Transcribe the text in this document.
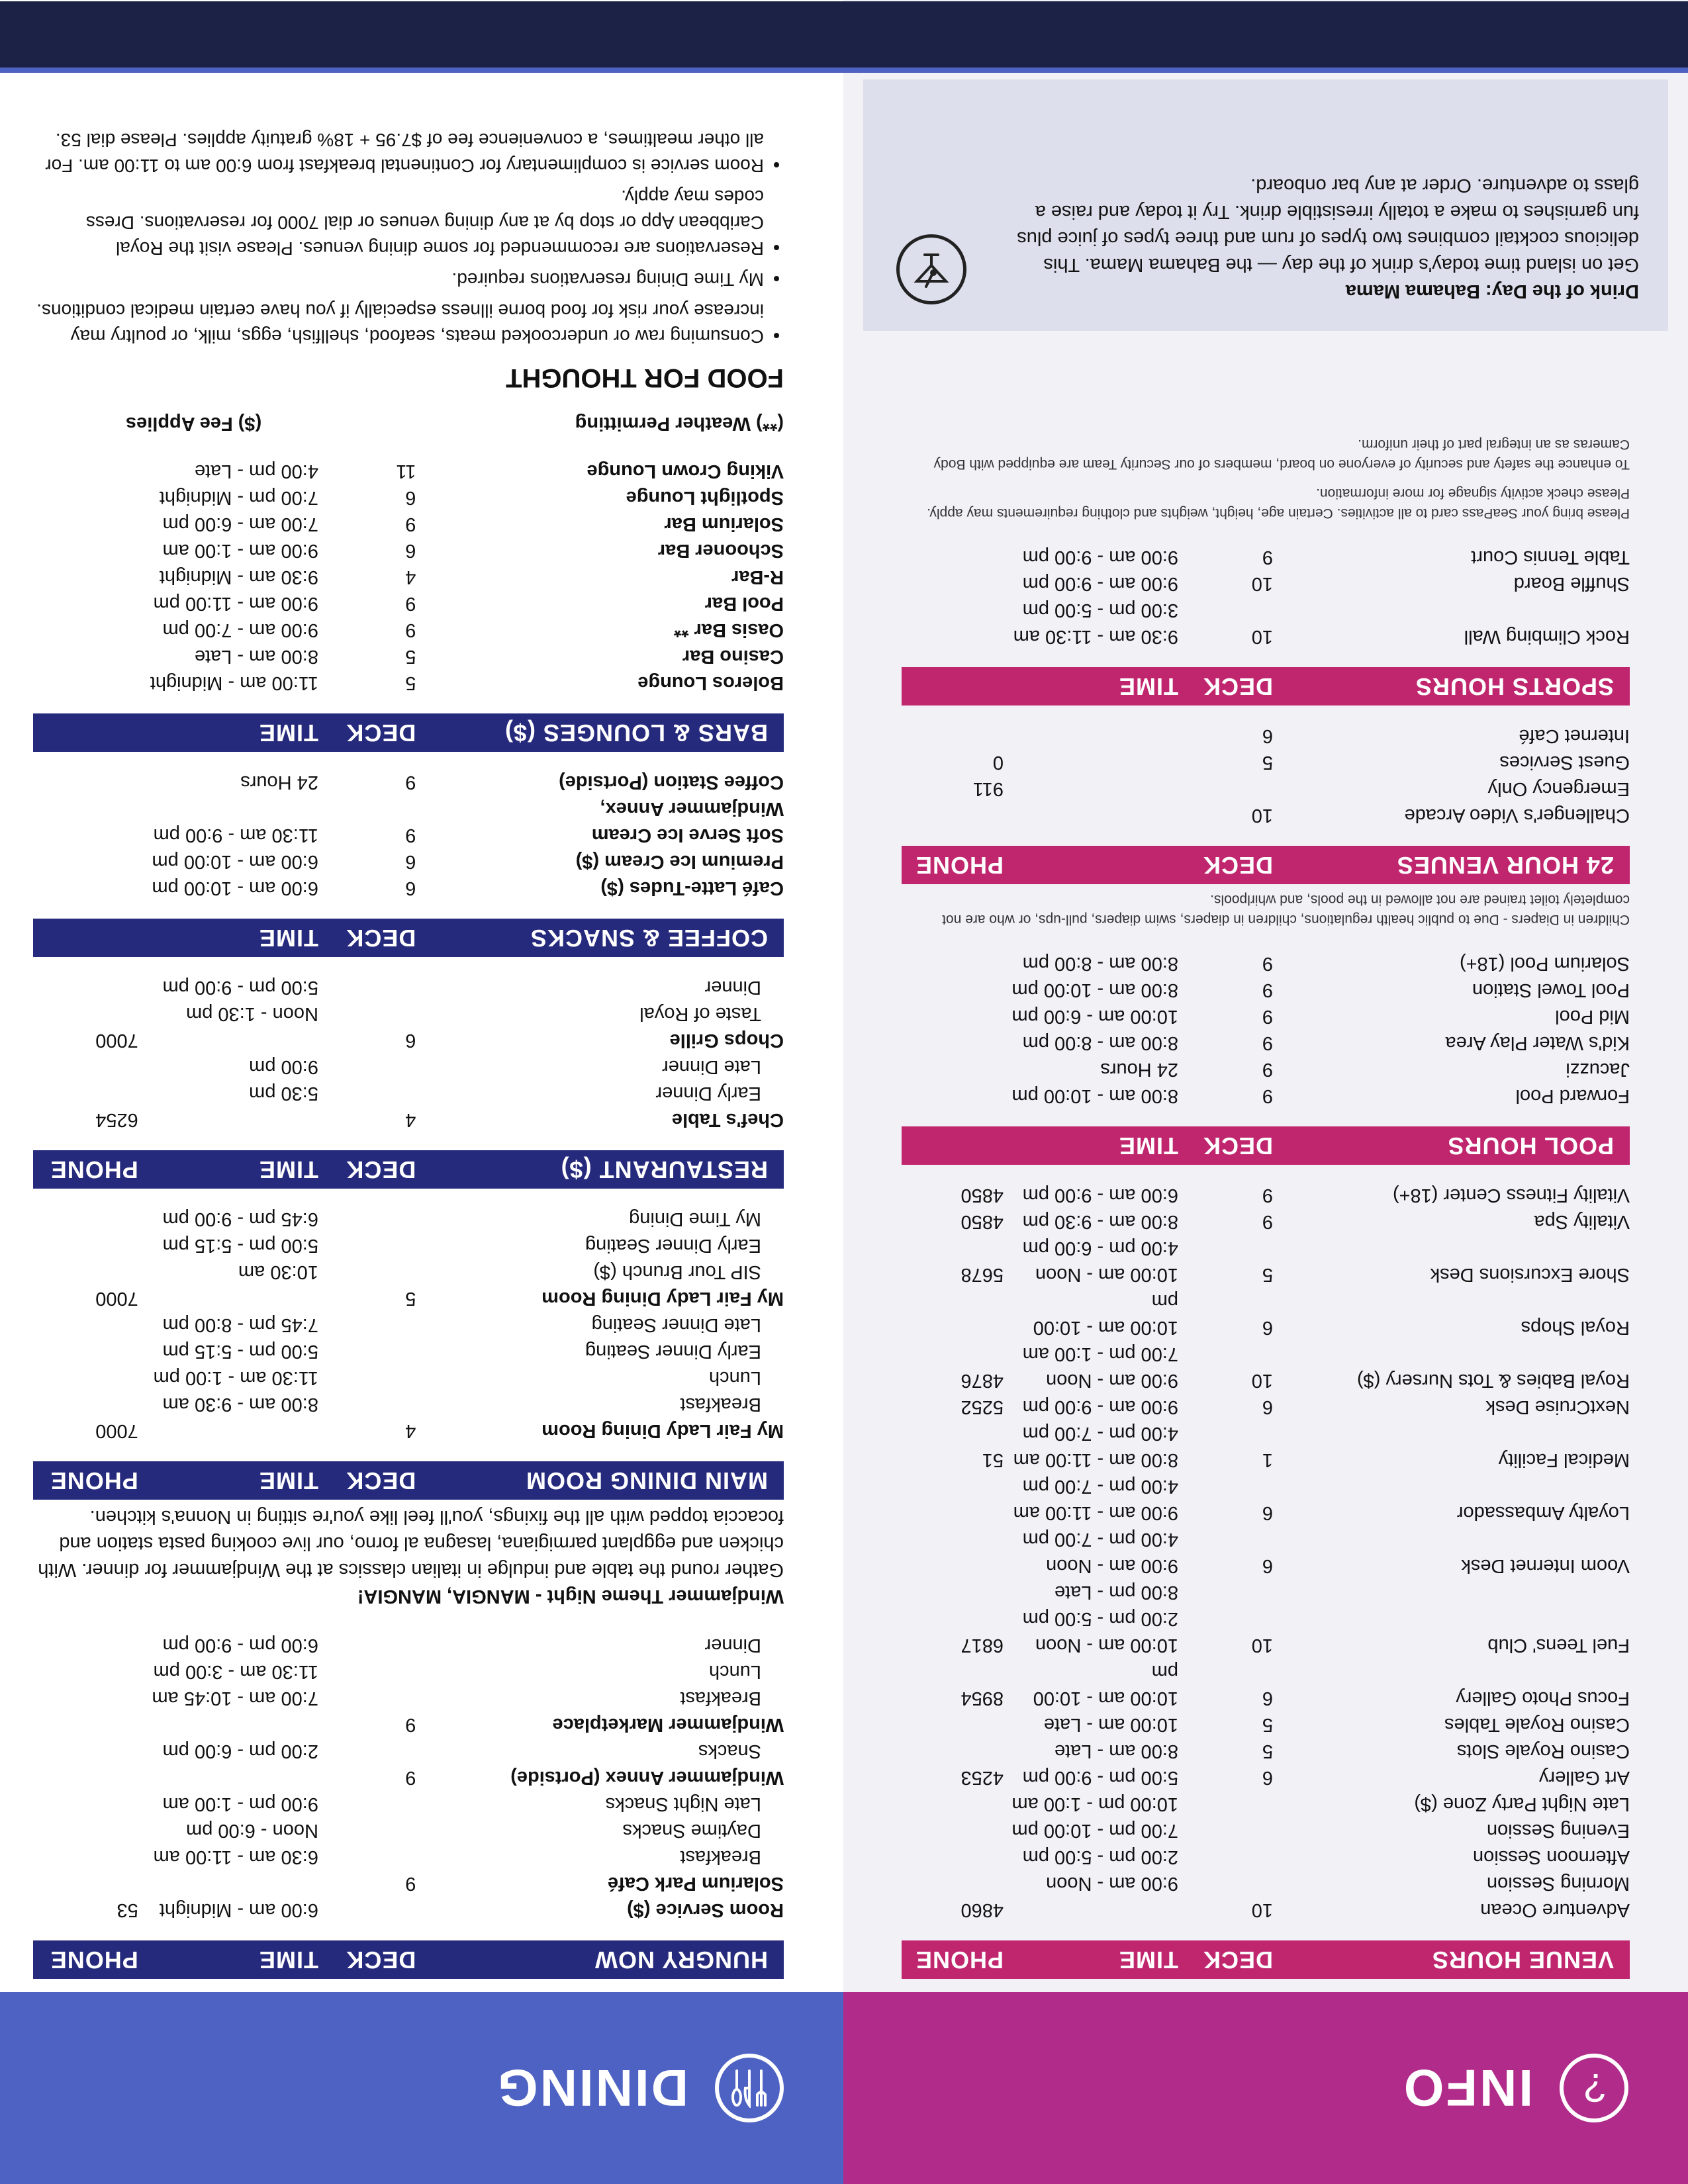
DINING
HUNGRY NOW	DECK	TIME	PHONE

Room Service ($)		6:00 am - Midnight	53
Solarium Park Café	9		
Breakfast		6:30 am - 11:00 am	
Daytime Snacks		Noon - 6:00 pm	
Late Night Snacks		9:00 pm - 1:00 am	
Windjammer Annex (Portside)	9		
Snacks		2:00 pm - 6:00 pm	
Windjammer Marketplace	9		
Breakfast		7:00 am - 10:45 am	
Lunch		11:30 am - 3:00 pm	
Dinner		6:00 pm - 9:00 pm	

Windjammer Theme Night - MANGIA, MANGIA!
Gather round the table and indulge in italian classics at the Windjammer for dinner. With chicken and eggplant parmigiana, lasagna al forno, our live cooking pasta station and focaccia topped with all the fixings, you'll feel like you're sitting in Nonna's kitchen.
MAIN DINING ROOM	DECK	TIME	PHONE

My Fair Lady Dining Room	4		7000
Breakfast		8:00 am - 9:30 am	
Lunch		11:30 am - 1:00 pm	
Early Dinner Seating		5:00 pm - 5:15 pm	
Late Dinner Seating		7:45 pm - 8:00 pm	
My Fair Lady Dining Room	5		7000
SIP Tour Brunch ($)		10:30 am	
Early Dinner Seating		5:00 pm - 5:15 pm	
My Time Dining		6:45 pm - 9:00 pm	

RESTAURANT ($)	DECK	TIME	PHONE

Chef's Table	4		6254
Early Dinner		5:30 pm	
Late Dinner		9:00 pm	
Chops Grille	6		7000
Taste of Royal		Noon - 1:30 pm	
Dinner		5:00 pm - 9:00 pm	

COFFEE & SNACKS	DECK	TIME	

Café Latte-Tudes ($)	6	6:00 am - 10:00 pm	
Premium Ice Cream ($)	6	6:00 am - 10:00 pm	
Soft Serve Ice Cream	9	11:30 am - 9:00 pm	
Windjammer Annex,			
Coffee Station (Portside)	9	24 Hours	

BARS & LOUNGES ($)	DECK	TIME	

Boleros Lounge	5	11:00 am - Midnight	
Casino Bar	5	8:00 am - Late	
Oasis Bar **	9	9:00 am - 7:00 pm	
Pool Bar	9	9:00 am - 11:00 pm	
R-Bar	4	9:30 am - Midnight	
Schooner Bar	6	9:00 am - 1:00 am	
Solarium Bar	9	7:00 am - 6:00 pm	
Spotlight Lounge	6	7:00 pm - Midnight	
Viking Crown Lounge	11	4:00 pm - Late	

(**) Weather Permitting
($) Fee Applies
FOOD FOR THOUGHT
• Consuming raw or undercooked meats, seafood, shellfish, eggs, milk, or poultry may increase your risk for food borne illness especially if you have certain medical conditions.
• My Time Dining reservations required.
• Reservations are recommended for some dining venues. Please visit the Royal Caribbean App or stop by at any dining venues or dial 7000 for reservations. Dress codes may apply.
• Room service is complimentary for Continental breakfast from 6:00 am to 11:00 am. For all other mealtimes, a convenience fee of $7.95 + 18% gratuity applies. Please dial 53.
?
INFO
VENUE HOURS	DECK	TIME	PHONE

Adventure Ocean	10		4860
Morning Session		9:00 am - Noon	
Afternoon Session		2:00 pm - 5:00 pm	
Evening Session		7:00 pm - 10:00 pm	
Late Night Party Zone ($)		10:00 pm - 1:00 am	
Art Gallery	6	5:00 pm - 9:00 pm	4253
Casino Royale Slots	5	8:00 am - Late	
Casino Royale Tables	5	10:00 am - Late	
Focus Photo Gallery	6	10:00 am - 10:00 pm	8954
Fuel Teens' Club	10	10:00 am - Noon	6817
		2:00 pm - 5:00 pm	
		8:00 pm - Late	
Voom Internet Desk	6	9:00 am - Noon	
		4:00 pm - 7:00 pm	
Loyalty Ambassador	6	9:00 am - 11:00 am	
		4:00 pm - 7:00 pm	
Medical Facility	1	8:00 am - 11:00 am	51
		4:00 pm - 7:00 pm	
NextCruise Desk	6	9:00 am - 9:00 pm	5252
Royal Babies & Tots Nursery ($)	10	9:00 am - Noon	4876
		7:00 pm - 1:00 am	
Royal Shops	6	10:00 am - 10:00 pm	
Shore Excursions Desk	5	10:00 am - Noon	5678
		4:00 pm - 6:00 pm	
Vitality Spa	9	8:00 am - 9:30 pm	4850
Vitality Fitness Center (18+)	9	6:00 am - 9:00 pm	4850

POOL HOURS	DECK	TIME	

Forward Pool	9	8:00 am - 10:00 pm	
Jacuzzi	9	24 Hours	
Kid's Water Play Area	9	8:00 am - 8:00 pm	
Mid Pool	9	10:00 am - 6:00 pm	
Pool Towel Station	9	8:00 am - 10:00 pm	
Solarium Pool (18+)	9	8:00 am - 8:00 pm	

Children in Diapers - Due to public health regulations, children in diapers, swim diapers, pull-ups, or who are not completely toilet trained are not allowed in the pools, and whirlpools.
24 HOUR VENUES	DECK		PHONE

Challenger's Video Arcade	10		
Emergency Only			911
Guest Services	5		0
Internet Café	6		

SPORTS HOURS	DECK	TIME	

Rock Climbing Wall	10	9:30 am - 11:30 am	
		3:00 pm - 5:00 pm	
Shuffle Board	10	9:00 am - 9:00 pm	
Table Tennis Court	9	9:00 am - 9:00 pm	

Please bring your SeaPass card to all activities. Certain age, height, weights and clothing requirements may apply. Please check activity signage for more information.
To enhance the safety and security of everyone on board, members of our Security Team are equipped with Body Cameras as an integral part of their uniform.
Drink of the Day: Bahama Mama
Get on island time today's drink of the day — the Bahama Mama. This delicious cocktail combines two types of rum and three types of juice plus fun garnishes to make a totally irresistible drink. Try it today and raise a glass to adventure. Order at any bar onboard.
